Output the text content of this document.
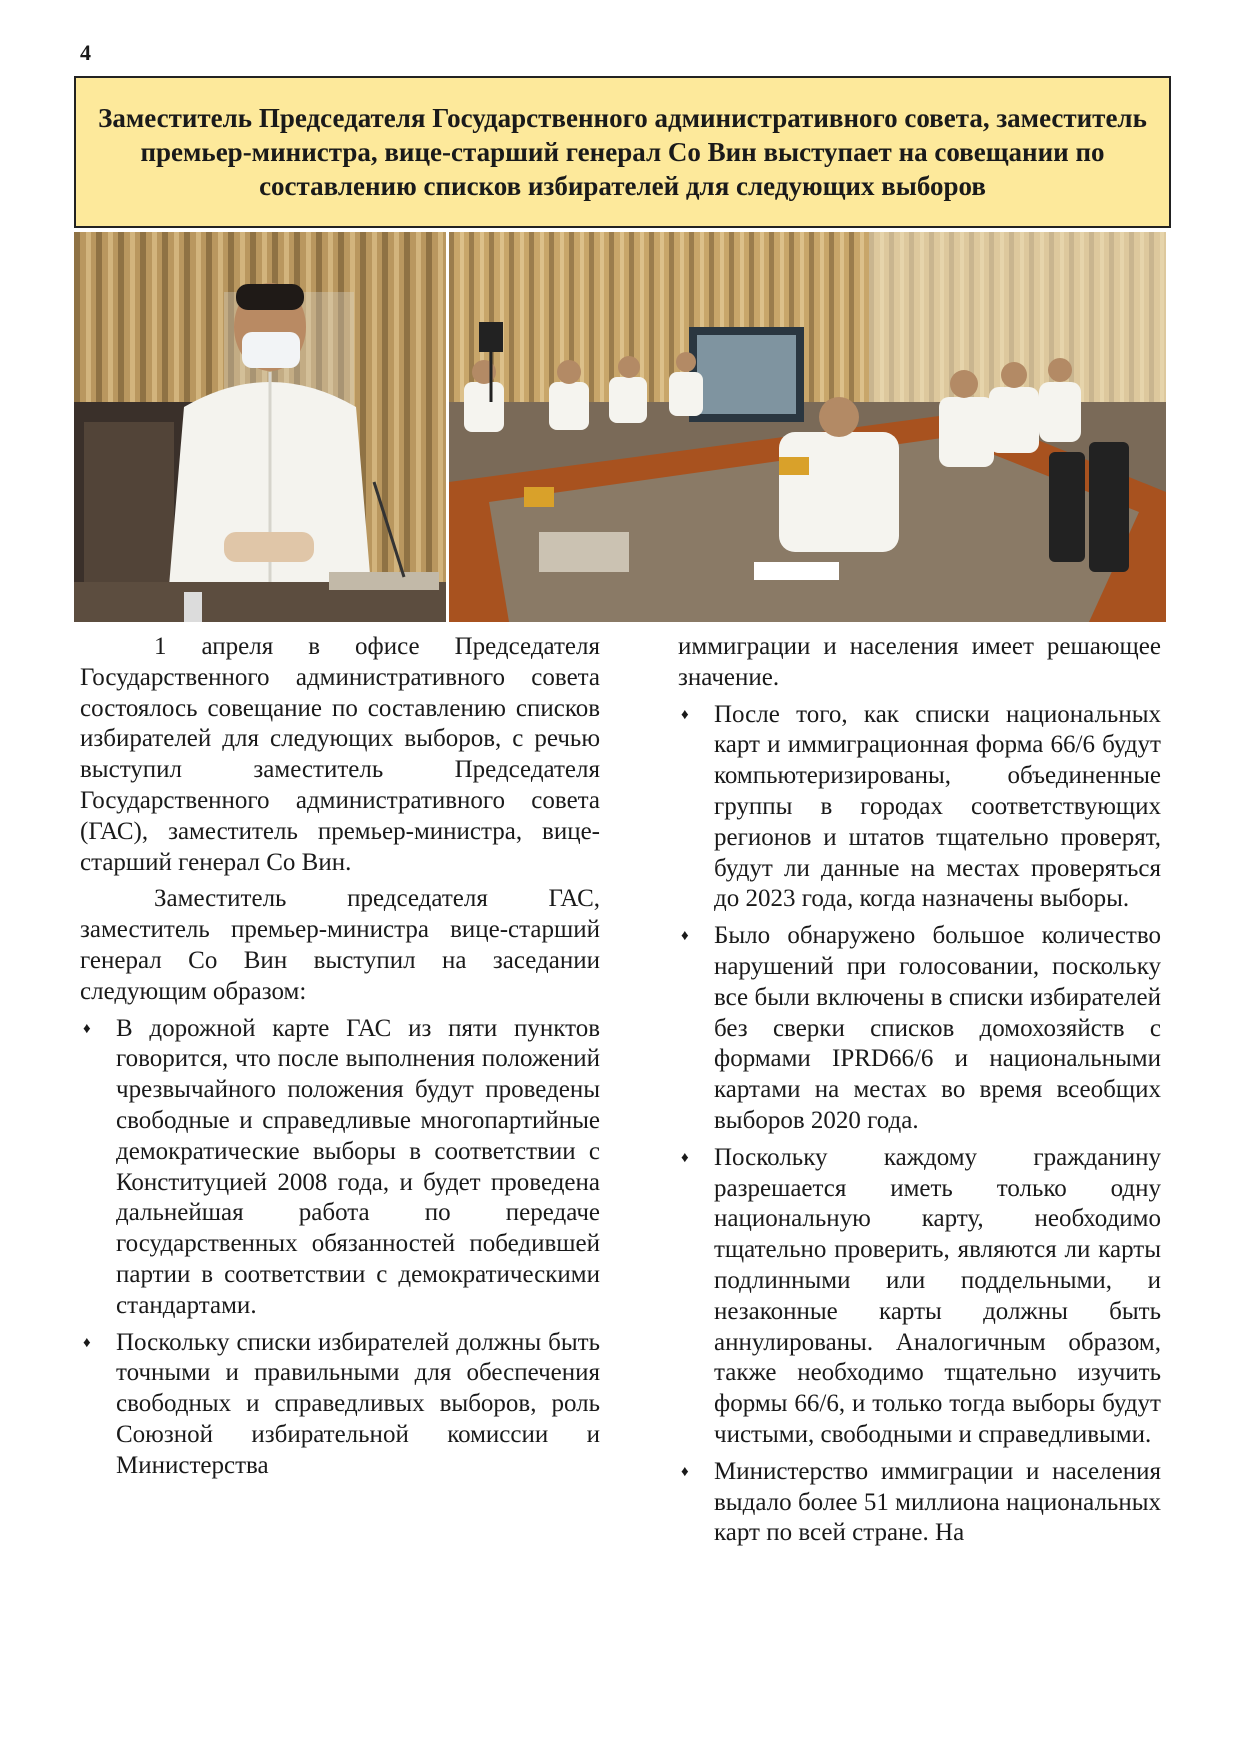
4
Заместитель Председателя Государственного административного совета, заместитель премьер-министра, вице-старший генерал Со Вин выступает на совещании по составлению списков избирателей для следующих выборов

1 апреля в офисе Председателя Государственного административного совета состоялось совещание по составлению списков избирателей для следующих выборов, с речью выступил заместитель Председателя Государственного административного совета (ГАС), заместитель премьер-министра, вице-старший генерал Со Вин.

Заместитель председателя ГАС, заместитель премьер-министра вице-старший генерал Со Вин выступил на заседании следующим образом:

♦ В дорожной карте ГАС из пяти пунктов говорится, что после выполнения положений чрезвычайного положения будут проведены свободные и справедливые многопартийные демократические выборы в соответствии с Конституцией 2008 года, и будет проведена дальнейшая работа по передаче государственных обязанностей победившей партии в соответствии с демократическими стандартами.
♦ Поскольку списки избирателей должны быть точными и правильными для обеспечения свободных и справедливых выборов, роль Союзной избирательной комиссии и Министерства

иммиграции и населения имеет решающее значение.

♦ После того, как списки национальных карт и иммиграционная форма 66/6 будут компьютеризированы, объединенные группы в городах соответствующих регионов и штатов тщательно проверят, будут ли данные на местах проверяться до 2023 года, когда назначены выборы.
♦ Было обнаружено большое количество нарушений при голосовании, поскольку все были включены в списки избирателей без сверки списков домохозяйств с формами IPRD66/6 и национальными картами на местах во время всеобщих выборов 2020 года.
♦ Поскольку каждому гражданину разрешается иметь только одну национальную карту, необходимо тщательно проверить, являются ли карты подлинными или поддельными, и незаконные карты должны быть аннулированы. Аналогичным образом, также необходимо тщательно изучить формы 66/6, и только тогда выборы будут чистыми, свободными и справедливыми.
♦ Министерство иммиграции и населения выдало более 51 миллиона национальных карт по всей стране. На
